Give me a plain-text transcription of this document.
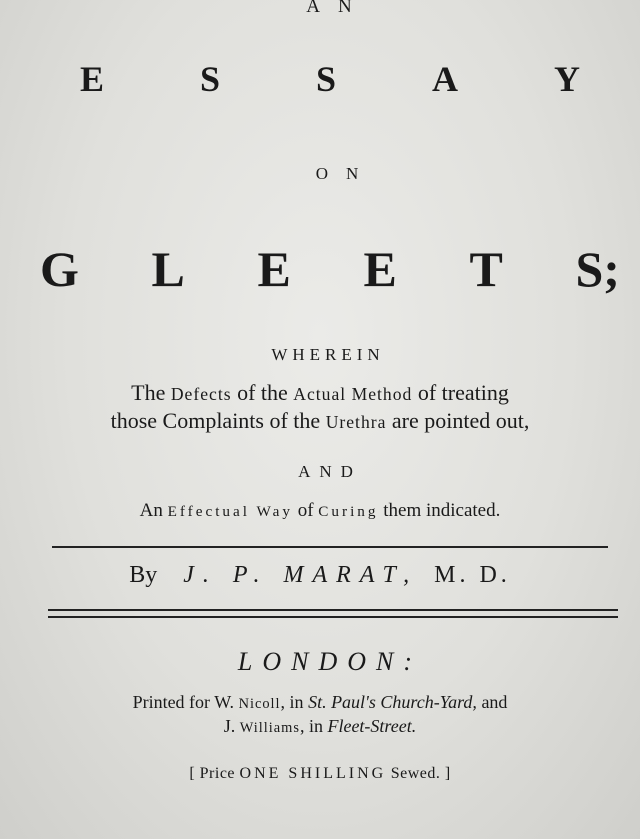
AN
E	S	S	A	Y
ON
G L E E T S;
WHEREIN
The Defects of the Actual Method of treating
those Complaints of the Urethra are pointed out,
AND
An Effectual Way of Curing them indicated.
By J. P. MARAT, M. D.
LONDON:
Printed for W. Nicoll, in St. Paul's Church-Yard, and
J. Williams, in Fleet-Street.
[ Price ONE SHILLING Sewed. ]
